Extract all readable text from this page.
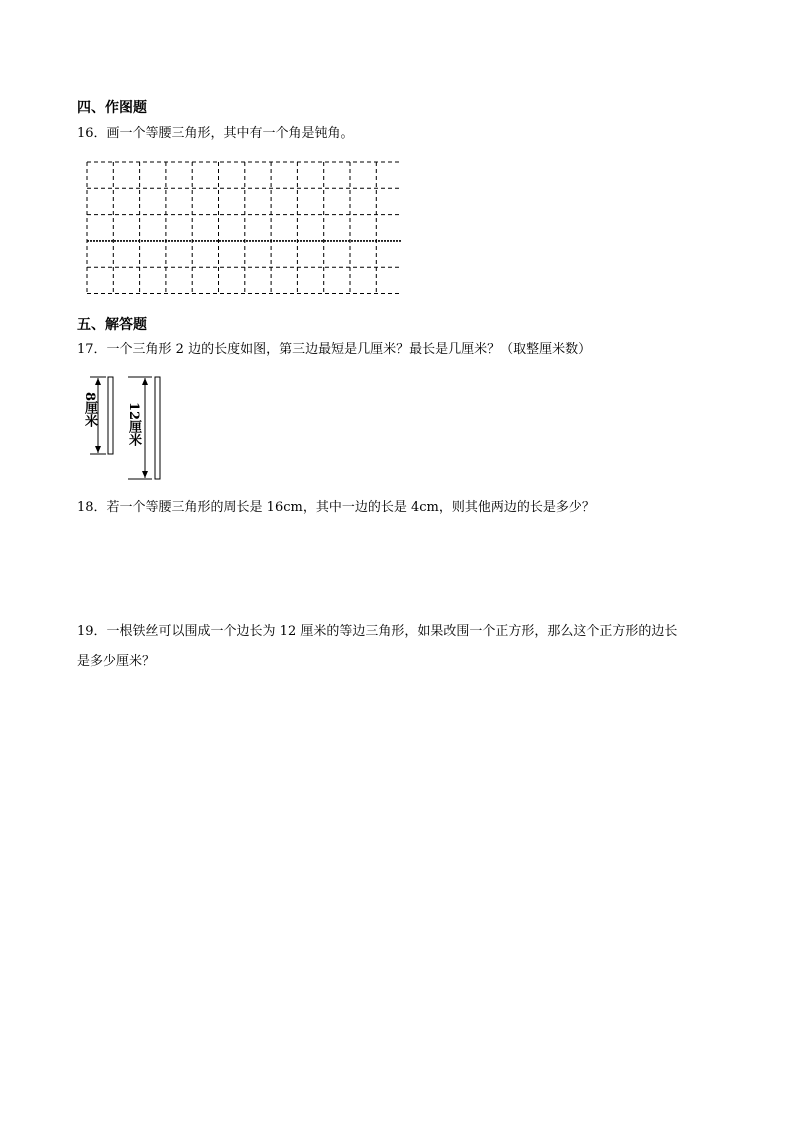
四、作图题
16．画一个等腰三角形，其中有一个角是钝角。
五、解答题
17．一个三角形 2 边的长度如图，第三边最短是几厘米？最长是几厘米？（取整厘米数）
8厘米 12厘米
18．若一个等腰三角形的周长是 16cm，其中一边的长是 4cm，则其他两边的长是多少？
19．一根铁丝可以围成一个边长为 12 厘米的等边三角形，如果改围一个正方形，那么这个正方形的边长
是多少厘米？
